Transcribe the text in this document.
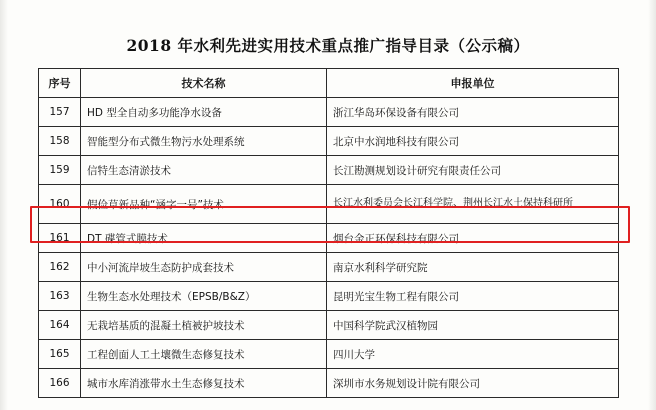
2018 年水利先进实用技术重点推广指导目录（公示稿）
序号	技术名称	申报单位
157	HD 型全自动多功能净水设备	浙江华岛环保设备有限公司
158	智能型分布式微生物污水处理系统	北京中水润地科技有限公司
159	信特生态清淤技术	长江勘测规划设计研究有限责任公司
160	假俭草新品种“涵字一号”技术	长江水利委员会长江科学院、荆州长江水土保持科研所
161	DT 碟管式膜技术	烟台金正环保科技有限公司
162	中小河流岸坡生态防护成套技术	南京水利科学研究院
163	生物生态水处理技术（EPSB/B&Z）	昆明光宝生物工程有限公司
164	无栽培基质的混凝土植被护坡技术	中国科学院武汉植物园
165	工程创面人工土壤微生态修复技术	四川大学
166	城市水库消涨带水土生态修复技术	深圳市水务规划设计院有限公司
